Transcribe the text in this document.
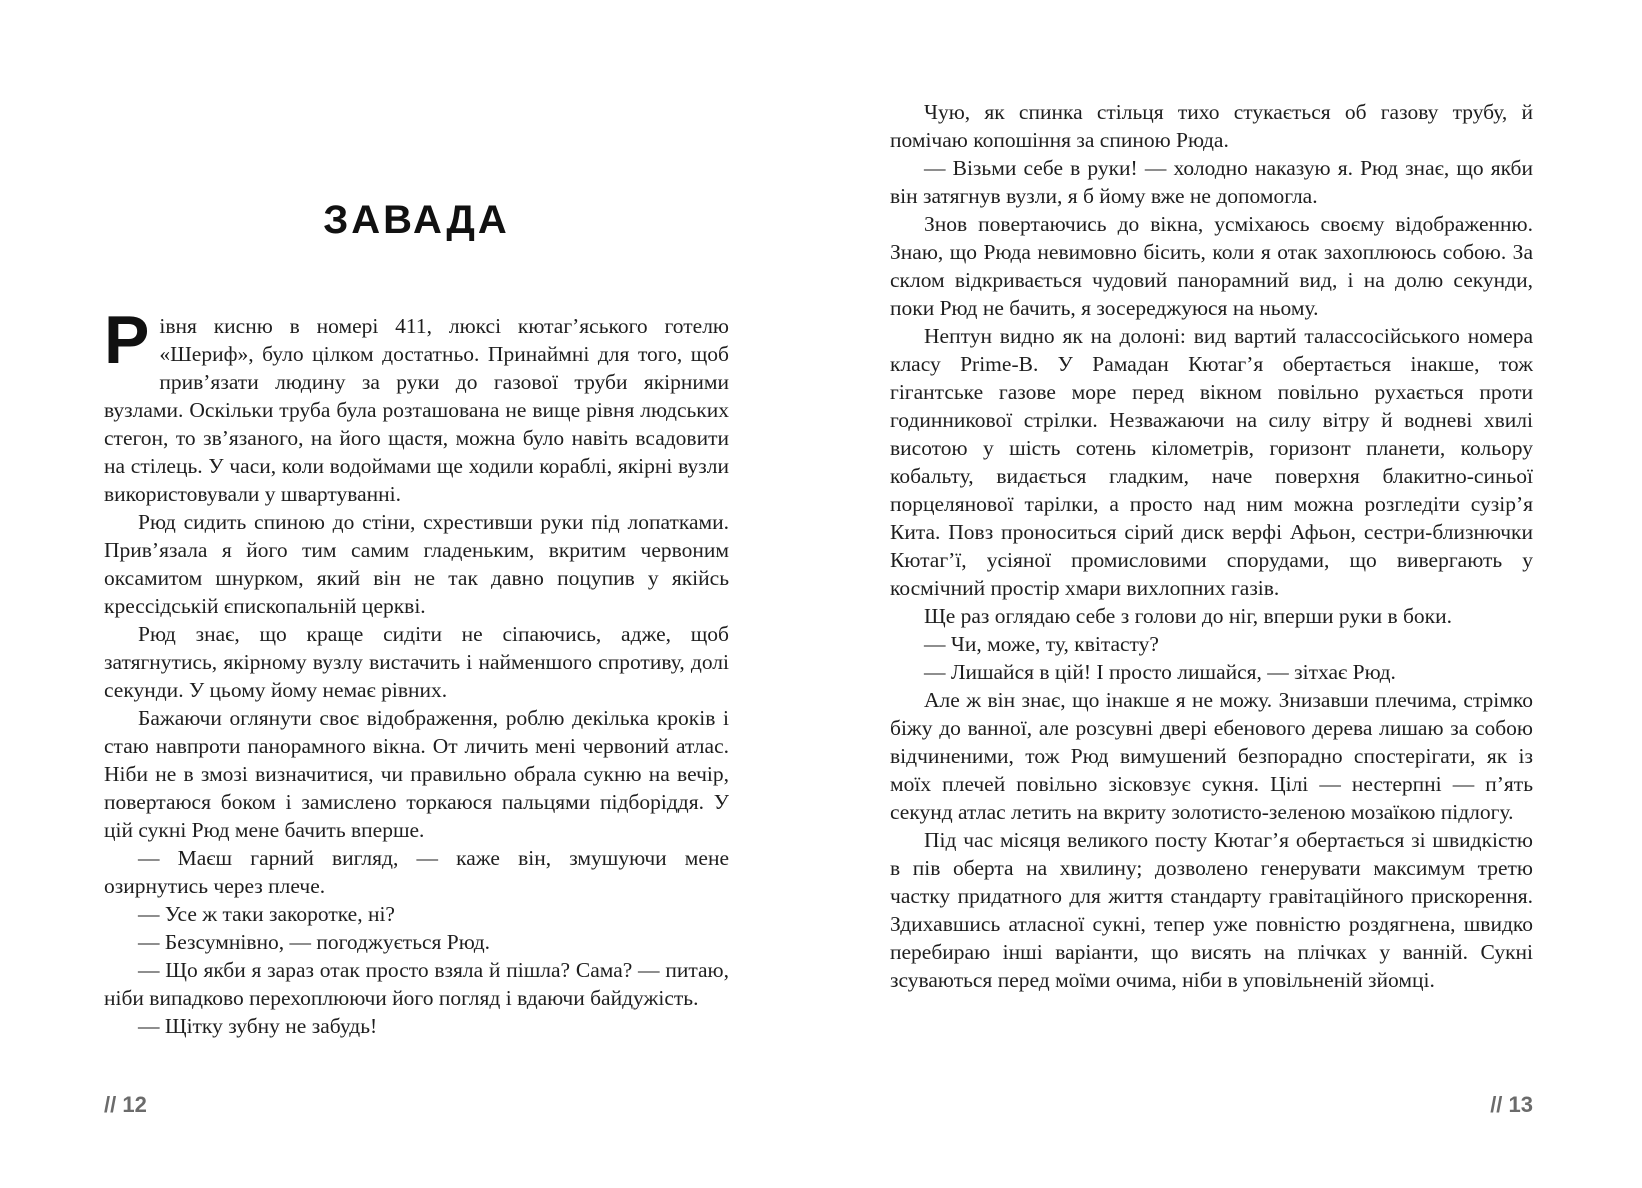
ЗАВАДА

Рівня кисню в номері 411, люксі кютаг’яського готелю «Шериф», було цілком достатньо. Принаймні для того, щоб прив’язати людину за руки до газової труби якірними вузлами. Оскільки труба була розташована не вище рівня людських стегон, то зв’язаного, на його щастя, можна було навіть всадовити на стілець. У часи, коли водоймами ще ходили кораблі, якірні вузли використовували у швартуванні.

Рюд сидить спиною до стіни, схрестивши руки під лопатками. Прив’язала я його тим самим гладеньким, вкритим червоним оксамитом шнурком, який він не так давно поцупив у якійсь крессідській єпископальній церкві.

Рюд знає, що краще сидіти не сіпаючись, адже, щоб затягнутись, якірному вузлу вистачить і найменшого спротиву, долі секунди. У цьому йому немає рівних.

Бажаючи оглянути своє відображення, роблю декілька кроків і стаю навпроти панорамного вікна. От личить мені червоний атлас. Ніби не в змозі визначитися, чи правильно обрала сукню на вечір, повертаюся боком і замислено торкаюся пальцями підборіддя. У цій сукні Рюд мене бачить вперше.

— Маєш гарний вигляд, — каже він, змушуючи мене озирнутись через плече.

— Усе ж таки закоротке, ні?

— Безсумнівно, — погоджується Рюд.

— Що якби я зараз отак просто взяла й пішла? Сама? — питаю, ніби випадково перехоплюючи його погляд і вдаючи байдужість.

— Щітку зубну не забудь!

Чую, як спинка стільця тихо стукається об газову трубу, й помічаю копошіння за спиною Рюда.

— Візьми себе в руки! — холодно наказую я. Рюд знає, що якби він затягнув вузли, я б йому вже не допомогла.

Знов повертаючись до вікна, усміхаюсь своєму відображенню. Знаю, що Рюда невимовно бісить, коли я отак захоплююсь собою. За склом відкривається чудовий панорамний вид, і на долю секунди, поки Рюд не бачить, я зосереджуюся на ньому.

Нептун видно як на долоні: вид вартий талассосійського номера класу Prime-B. У Рамадан Кютаг’я обертається інакше, тож гігантське газове море перед вікном повільно рухається проти годинникової стрілки. Незважаючи на силу вітру й водневі хвилі висотою у шість сотень кілометрів, горизонт планети, кольору кобальту, видається гладким, наче поверхня блакитно-синьої порцелянової тарілки, а просто над ним можна розгледіти сузір’я Кита. Повз проноситься сірий диск верфі Афьон, сестри-близнючки Кютаг’ї, усіяної промисловими спорудами, що вивергають у космічний простір хмари вихлопних газів.

Ще раз оглядаю себе з голови до ніг, вперши руки в боки.

— Чи, може, ту, квітасту?

— Лишайся в цій! І просто лишайся, — зітхає Рюд.

Але ж він знає, що інакше я не можу. Знизавши плечима, стрімко біжу до ванної, але розсувні двері ебенового дерева лишаю за собою відчиненими, тож Рюд вимушений безпорадно спостерігати, як із моїх плечей повільно зісковзує сукня. Цілі — нестерпні — п’ять секунд атлас летить на вкриту золотисто-зеленою мозаїкою підлогу.

Під час місяця великого посту Кютаг’я обертається зі швидкістю в пів оберта на хвилину; дозволено генерувати максимум третю частку придатного для життя стандарту гравітаційного прискорення. Здихавшись атласної сукні, тепер уже повністю роздягнена, швидко перебираю інші варіанти, що висять на плічках у ванній. Сукні зсуваються перед моїми очима, ніби в уповільненій зйомці.

// 12	// 13
